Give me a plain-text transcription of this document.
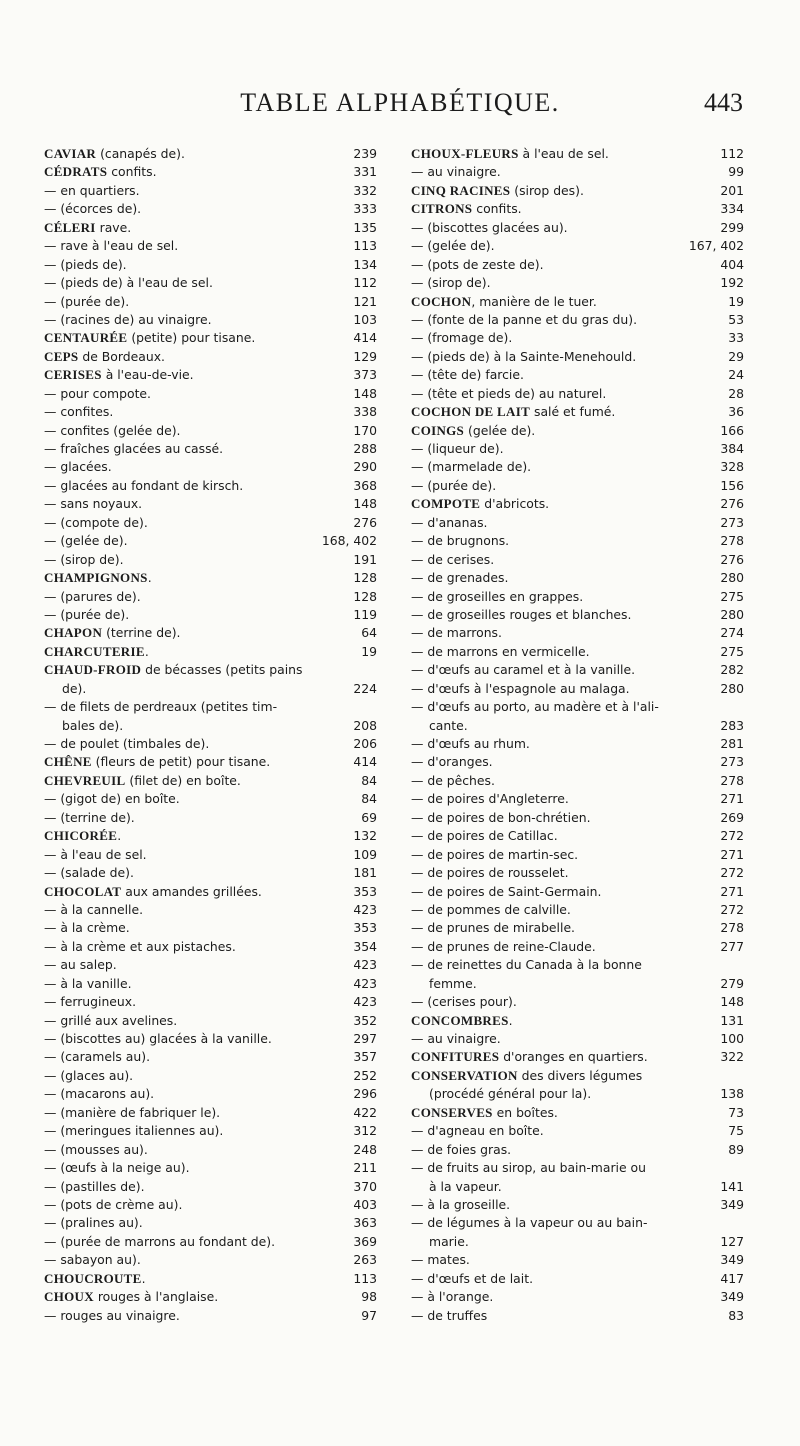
TABLE ALPHABÉTIQUE.	443
CAVIAR (canapés de).	239
CÉDRATS confits.	331
— en quartiers.	332
— (écorces de).	333
CÉLERI rave.	135
— rave à l'eau de sel.	113
— (pieds de).	134
— (pieds de) à l'eau de sel.	112
— (purée de).	121
— (racines de) au vinaigre.	103
CENTAURÉE (petite) pour tisane.	414
CEPS de Bordeaux.	129
CERISES à l'eau-de-vie.	373
— pour compote.	148
— confites.	338
— confites (gelée de).	170
— fraîches glacées au cassé.	288
— glacées.	290
— glacées au fondant de kirsch.	368
— sans noyaux.	148
— (compote de).	276
— (gelée de).	168, 402
— (sirop de).	191
CHAMPIGNONS.	128
— (parures de).	128
— (purée de).	119
CHAPON (terrine de).	64
CHARCUTERIE.	19
CHAUD-FROID de bécasses (petits pains
de).	224
— de filets de perdreaux (petites tim-
bales de).	208
— de poulet (timbales de).	206
CHÊNE (fleurs de petit) pour tisane.	414
CHEVREUIL (filet de) en boîte.	84
— (gigot de) en boîte.	84
— (terrine de).	69
CHICORÉE.	132
— à l'eau de sel.	109
— (salade de).	181
CHOCOLAT aux amandes grillées.	353
— à la cannelle.	423
— à la crème.	353
— à la crème et aux pistaches.	354
— au salep.	423
— à la vanille.	423
— ferrugineux.	423
— grillé aux avelines.	352
— (biscottes au) glacées à la vanille.	297
— (caramels au).	357
— (glaces au).	252
— (macarons au).	296
— (manière de fabriquer le).	422
— (meringues italiennes au).	312
— (mousses au).	248
— (œufs à la neige au).	211
— (pastilles de).	370
— (pots de crème au).	403
— (pralines au).	363
— (purée de marrons au fondant de).	369
— sabayon au).	263
CHOUCROUTE.	113
CHOUX rouges à l'anglaise.	98
— rouges au vinaigre.	97
CHOUX-FLEURS à l'eau de sel.	112
— au vinaigre.	99
CINQ RACINES (sirop des).	201
CITRONS confits.	334
— (biscottes glacées au).	299
— (gelée de).	167, 402
— (pots de zeste de).	404
— (sirop de).	192
COCHON, manière de le tuer.	19
— (fonte de la panne et du gras du).	53
— (fromage de).	33
— (pieds de) à la Sainte-Menehould.	29
— (tête de) farcie.	24
— (tête et pieds de) au naturel.	28
COCHON DE LAIT salé et fumé.	36
COINGS (gelée de).	166
— (liqueur de).	384
— (marmelade de).	328
— (purée de).	156
COMPOTE d'abricots.	276
— d'ananas.	273
— de brugnons.	278
— de cerises.	276
— de grenades.	280
— de groseilles en grappes.	275
— de groseilles rouges et blanches.	280
— de marrons.	274
— de marrons en vermicelle.	275
— d'œufs au caramel et à la vanille.	282
— d'œufs à l'espagnole au malaga.	280
— d'œufs au porto, au madère et à l'ali-
cante.	283
— d'œufs au rhum.	281
— d'oranges.	273
— de pêches.	278
— de poires d'Angleterre.	271
— de poires de bon-chrétien.	269
— de poires de Catillac.	272
— de poires de martin-sec.	271
— de poires de rousselet.	272
— de poires de Saint-Germain.	271
— de pommes de calville.	272
— de prunes de mirabelle.	278
— de prunes de reine-Claude.	277
— de reinettes du Canada à la bonne
femme.	279
— (cerises pour).	148
CONCOMBRES.	131
— au vinaigre.	100
CONFITURES d'oranges en quartiers.	322
CONSERVATION des divers légumes
(procédé général pour la).	138
CONSERVES en boîtes.	73
— d'agneau en boîte.	75
— de foies gras.	89
— de fruits au sirop, au bain-marie ou
à la vapeur.	141
— à la groseille.	349
— de légumes à la vapeur ou au bain-
marie.	127
— mates.	349
— d'œufs et de lait.	417
— à l'orange.	349
— de truffes	83
